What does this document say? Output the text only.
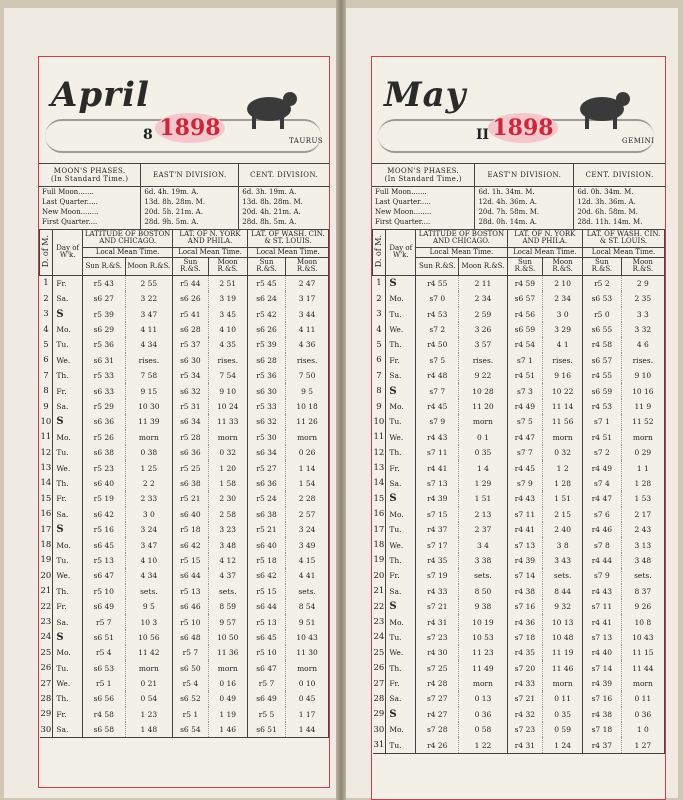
April
8 1898	TAURUS
MOON'S PHASES.
(In Standard Time.)	EAST'N DIVISION.	CENT. DIVISION.
Full Moon.......	6d. 4h. 19m. A.	6d. 3h. 19m. A.
Last Quarter.....	13d. 8h. 28m. M.	13d. 8h. 28m. M.
New Moon........	20d. 5h. 21m. A.	20d. 4h. 21m. A.
First Quarter....	28d. 9h. 5m. A.	28d. 8h. 5m. A.
D. of M.	Day of W'k.	LATITUDE OF BOSTON AND CHICAGO.		LAT. OF N. YORK AND PHILA.		LAT. OF WASH. CIN. & ST. LOUIS.	
		Local Mean Time.		Local Mean Time.		Local Mean Time.	
		Sun R.&S.	Moon R.&S.	Sun R.&S.	Moon R.&S.	Sun R.&S.	Moon R.&S.
1	Fr.	r5 43	2 55	r5 44	2 51	r5 45	2 47
2	Sa.	s6 27	3 22	s6 26	3 19	s6 24	3 17
3	S	r5 39	3 47	r5 41	3 45	r5 42	3 44
4	Mo.	s6 29	4 11	s6 28	4 10	s6 26	4 11
5	Tu.	r5 36	4 34	r5 37	4 35	r5 39	4 36
6	We.	s6 31	rises.	s6 30	rises.	s6 28	rises.
7	Th.	r5 33	7 58	r5 34	7 54	r5 36	7 50
8	Fr.	s6 33	9 15	s6 32	9 10	s6 30	9 5
9	Sa.	r5 29	10 30	r5 31	10 24	r5 33	10 18
10	S	s6 36	11 39	s6 34	11 33	s6 32	11 26
11	Mo.	r5 26	morn	r5 28	morn	r5 30	morn
12	Tu.	s6 38	0 38	s6 36	0 32	s6 34	0 26
13	We.	r5 23	1 25	r5 25	1 20	r5 27	1 14
14	Th.	s6 40	2 2	s6 38	1 58	s6 36	1 54
15	Fr.	r5 19	2 33	r5 21	2 30	r5 24	2 28
16	Sa.	s6 42	3 0	s6 40	2 58	s6 38	2 57
17	S	r5 16	3 24	r5 18	3 23	r5 21	3 24
18	Mo.	s6 45	3 47	s6 42	3 48	s6 40	3 49
19	Tu.	r5 13	4 10	r5 15	4 12	r5 18	4 15
20	We.	s6 47	4 34	s6 44	4 37	s6 42	4 41
21	Th.	r5 10	sets.	r5 13	sets.	r5 15	sets.
22	Fr.	s6 49	9 5	s6 46	8 59	s6 44	8 54
23	Sa.	r5 7	10 3	r5 10	9 57	r5 13	9 51
24	S	s6 51	10 56	s6 48	10 50	s6 45	10 43
25	Mo.	r5 4	11 42	r5 7	11 36	r5 10	11 30
26	Tu.	s6 53	morn	s6 50	morn	s6 47	morn
27	We.	r5 1	0 21	r5 4	0 16	r5 7	0 10
28	Th.	s6 56	0 54	s6 52	0 49	s6 49	0 45
29	Fr.	r4 58	1 23	r5 1	1 19	r5 5	1 17
30	Sa.	s6 58	1 48	s6 54	1 46	s6 51	1 44
May
II 1898	GEMINI
MOON'S PHASES.
(In Standard Time.)	EAST'N DIVISION.	CENT. DIVISION.
Full Moon.......	6d. 1h. 34m. M.	6d. 0h. 34m. M.
Last Quarter.....	12d. 4h. 36m. A.	12d. 3h. 36m. A.
New Moon........	20d. 7h. 58m. M.	20d. 6h. 58m. M.
First Quarter....	28d. 0h. 14m. A.	28d. 11h. 14m. M.
D. of M.	Day of W'k.	LATITUDE OF BOSTON AND CHICAGO.		LAT. OF N. YORK AND PHILA.		LAT. OF WASH. CIN. & ST. LOUIS.	
		Local Mean Time.		Local Mean Time.		Local Mean Time.	
		Sun R.&S.	Moon R.&S.	Sun R.&S.	Moon R.&S.	Sun R.&S.	Moon R.&S.
1	S	r4 55	2 11	r4 59	2 10	r5 2	2 9
2	Mo.	s7 0	2 34	s6 57	2 34	s6 53	2 35
3	Tu.	r4 53	2 59	r4 56	3 0	r5 0	3 3
4	We.	s7 2	3 26	s6 59	3 29	s6 55	3 32
5	Th.	r4 50	3 57	r4 54	4 1	r4 58	4 6
6	Fr.	s7 5	rises.	s7 1	rises.	s6 57	rises.
7	Sa.	r4 48	9 22	r4 51	9 16	r4 55	9 10
8	S	s7 7	10 28	s7 3	10 22	s6 59	10 16
9	Mo.	r4 45	11 20	r4 49	11 14	r4 53	11 9
10	Tu.	s7 9	morn	s7 5	11 56	s7 1	11 52
11	We.	r4 43	0 1	r4 47	morn	r4 51	morn
12	Th.	s7 11	0 35	s7 7	0 32	s7 2	0 29
13	Fr.	r4 41	1 4	r4 45	1 2	r4 49	1 1
14	Sa.	s7 13	1 29	s7 9	1 28	s7 4	1 28
15	S	r4 39	1 51	r4 43	1 51	r4 47	1 53
16	Mo.	s7 15	2 13	s7 11	2 15	s7 6	2 17
17	Tu.	r4 37	2 37	r4 41	2 40	r4 46	2 43
18	We.	s7 17	3 4	s7 13	3 8	s7 8	3 13
19	Th.	r4 35	3 38	r4 39	3 43	r4 44	3 48
20	Fr.	s7 19	sets.	s7 14	sets.	s7 9	sets.
21	Sa.	r4 33	8 50	r4 38	8 44	r4 43	8 37
22	S	s7 21	9 38	s7 16	9 32	s7 11	9 26
23	Mo.	r4 31	10 19	r4 36	10 13	r4 41	10 8
24	Tu.	s7 23	10 53	s7 18	10 48	s7 13	10 43
25	We.	r4 30	11 23	r4 35	11 19	r4 40	11 15
26	Th.	s7 25	11 49	s7 20	11 46	s7 14	11 44
27	Fr.	r4 28	morn	r4 33	morn	r4 39	morn
28	Sa.	s7 27	0 13	s7 21	0 11	s7 16	0 11
29	S	r4 27	0 36	r4 32	0 35	r4 38	0 36
30	Mo.	s7 28	0 58	s7 23	0 59	s7 18	1 0
31	Tu.	r4 26	1 22	r4 31	1 24	r4 37	1 27
